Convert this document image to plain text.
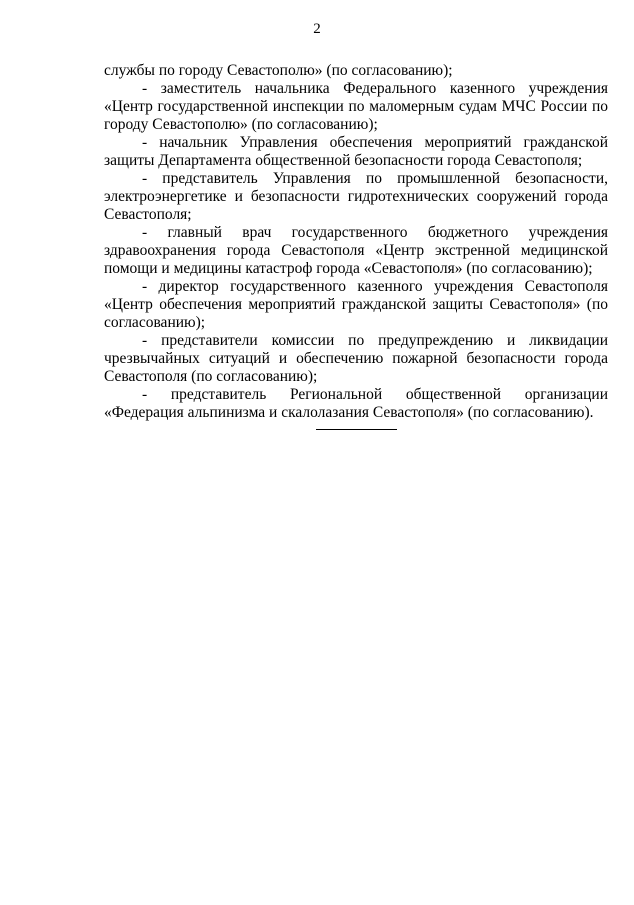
2

службы по городу Севастополю» (по согласованию);

- заместитель начальника Федерального казенного учреждения «Центр государственной инспекции по маломерным судам МЧС России по городу Севастополю» (по согласованию);

- начальник Управления обеспечения мероприятий гражданской защиты Департамента общественной безопасности города Севастополя;

- представитель Управления по промышленной безопасности, электроэнергетике и безопасности гидротехнических сооружений города Севастополя;

- главный врач государственного бюджетного учреждения здравоохранения города Севастополя «Центр экстренной медицинской помощи и медицины катастроф города «Севастополя» (по согласованию);

- директор государственного казенного учреждения Севастополя «Центр обеспечения мероприятий гражданской защиты Севастополя» (по согласованию);

- представители комиссии по предупреждению и ликвидации чрезвычайных ситуаций и обеспечению пожарной безопасности города Севастополя (по согласованию);

- представитель Региональной общественной организации «Федерация альпинизма и скалолазания Севастополя» (по согласованию).
